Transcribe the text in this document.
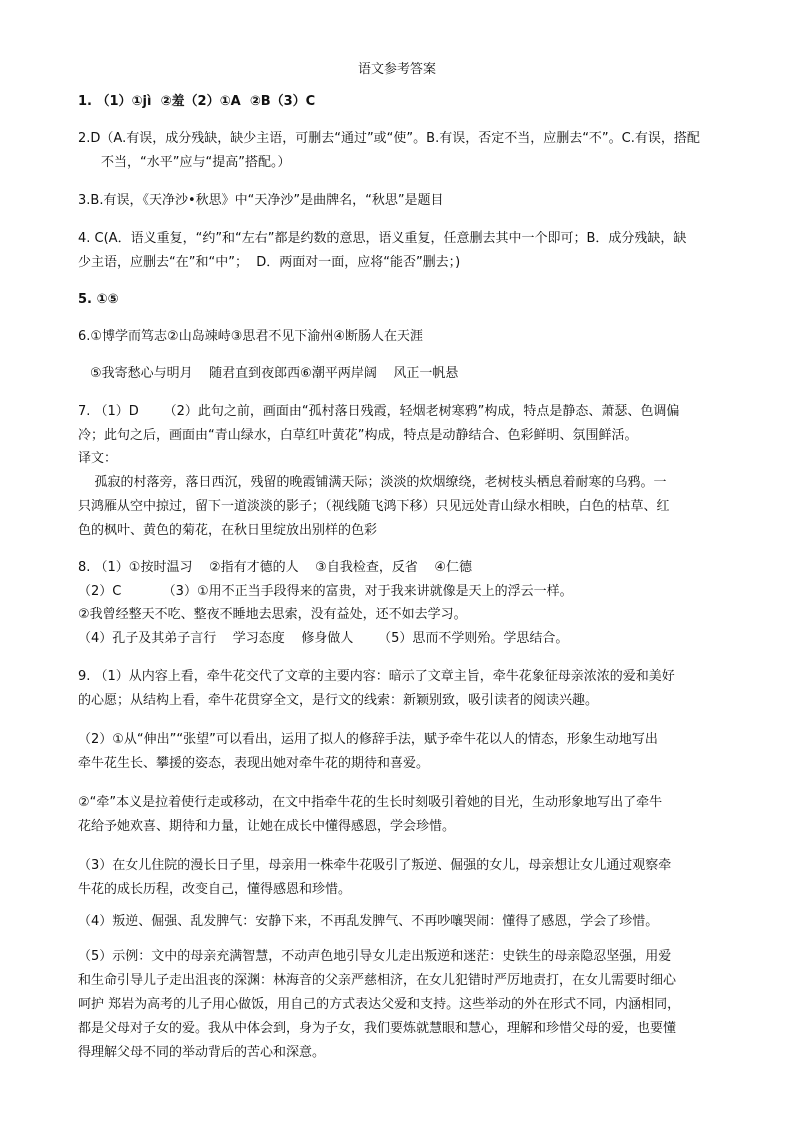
语文参考答案
1. （1）①jì  ②羞（2）①A  ②B（3）C
2.D（A.有误，成分残缺，缺少主语，可删去“通过”或“使”。B.有误，否定不当，应删去“不”。C.有误，搭配
不当，“水平”应与“提高”搭配。）
3.B.有误，《天净沙•秋思》中“天净沙”是曲牌名，“秋思”是题目
4. C(A．语义重复，“约”和“左右”都是约数的意思，语义重复，任意删去其中一个即可；B．成分残缺，缺
少主语，应删去“在”和“中”；  D．两面对一面，应将“能否”删去；)
5. ①⑤
6.①博学而笃志②山岛竦峙③思君不见下渝州④断肠人在天涯
⑤我寄愁心与明月    随君直到夜郎西⑥潮平两岸阔    风正一帆悬
7. （1）D      （2）此句之前，画面由“孤村落日残霞，轻烟老树寒鸦”构成，特点是静态、萧瑟、色调偏
冷；此句之后，画面由“青山绿水，白草红叶黄花”构成，特点是动静结合、色彩鲜明、氛围鲜活。
译文：
孤寂的村落旁，落日西沉，残留的晚霞铺满天际；淡淡的炊烟缭绕，老树枝头栖息着耐寒的乌鸦。一
只鸿雁从空中掠过，留下一道淡淡的影子；（视线随飞鸿下移）只见远处青山绿水相映，白色的枯草、红
色的枫叶、黄色的菊花，在秋日里绽放出别样的色彩
8. （1）①按时温习    ②指有才德的人    ③自我检查，反省    ④仁德
（2）C          （3）①用不正当手段得来的富贵，对于我来讲就像是天上的浮云一样。
②我曾经整天不吃、整夜不睡地去思索，没有益处，还不如去学习。
（4）孔子及其弟子言行    学习态度    修身做人      （5）思而不学则殆。学思结合。
9. （1）从内容上看，牵牛花交代了文章的主要内容：暗示了文章主旨，牵牛花象征母亲浓浓的爱和美好
的心愿；从结构上看，牵牛花贯穿全文，是行文的线索：新颖别致，吸引读者的阅读兴趣。
（2）①从“伸出”“张望”可以看出，运用了拟人的修辞手法，赋予牵牛花以人的情态，形象生动地写出
牵牛花生长、攀援的姿态，表现出她对牵牛花的期待和喜爱。
②“牵”本义是拉着使行走或移动，在文中指牵牛花的生长时刻吸引着她的目光，生动形象地写出了牵牛
花给予她欢喜、期待和力量，让她在成长中懂得感恩，学会珍惜。
（3）在女儿住院的漫长日子里，母亲用一株牵牛花吸引了叛逆、倔强的女儿，母亲想让女儿通过观察牵
牛花的成长历程，改变自己，懂得感恩和珍惜。
（4）叛逆、倔强、乱发脾气：安静下来，不再乱发脾气、不再吵嚷哭闹：懂得了感恩，学会了珍惜。
（5）示例：文中的母亲充满智慧，不动声色地引导女儿走出叛逆和迷茫：史铁生的母亲隐忍坚强，用爱
和生命引导儿子走出沮丧的深渊：林海音的父亲严慈相济，在女儿犯错时严厉地责打，在女儿需要时细心
呵护 郑岩为高考的儿子用心做饭，用自己的方式表达父爱和支持。这些举动的外在形式不同，内涵相同，
都是父母对子女的爱。我从中体会到，身为子女，我们要炼就慧眼和慧心，理解和珍惜父母的爱，也要懂
得理解父母不同的举动背后的苦心和深意。
